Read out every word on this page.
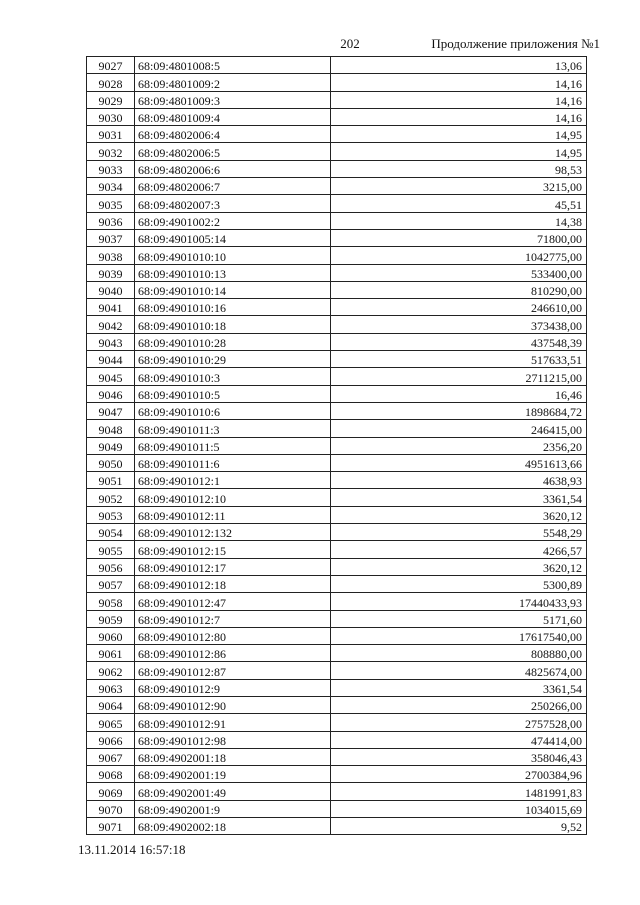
202	Продолжение приложения №1
9027	68:09:4801008:5	13,06
9028	68:09:4801009:2	14,16
9029	68:09:4801009:3	14,16
9030	68:09:4801009:4	14,16
9031	68:09:4802006:4	14,95
9032	68:09:4802006:5	14,95
9033	68:09:4802006:6	98,53
9034	68:09:4802006:7	3215,00
9035	68:09:4802007:3	45,51
9036	68:09:4901002:2	14,38
9037	68:09:4901005:14	71800,00
9038	68:09:4901010:10	1042775,00
9039	68:09:4901010:13	533400,00
9040	68:09:4901010:14	810290,00
9041	68:09:4901010:16	246610,00
9042	68:09:4901010:18	373438,00
9043	68:09:4901010:28	437548,39
9044	68:09:4901010:29	517633,51
9045	68:09:4901010:3	2711215,00
9046	68:09:4901010:5	16,46
9047	68:09:4901010:6	1898684,72
9048	68:09:4901011:3	246415,00
9049	68:09:4901011:5	2356,20
9050	68:09:4901011:6	4951613,66
9051	68:09:4901012:1	4638,93
9052	68:09:4901012:10	3361,54
9053	68:09:4901012:11	3620,12
9054	68:09:4901012:132	5548,29
9055	68:09:4901012:15	4266,57
9056	68:09:4901012:17	3620,12
9057	68:09:4901012:18	5300,89
9058	68:09:4901012:47	17440433,93
9059	68:09:4901012:7	5171,60
9060	68:09:4901012:80	17617540,00
9061	68:09:4901012:86	808880,00
9062	68:09:4901012:87	4825674,00
9063	68:09:4901012:9	3361,54
9064	68:09:4901012:90	250266,00
9065	68:09:4901012:91	2757528,00
9066	68:09:4901012:98	474414,00
9067	68:09:4902001:18	358046,43
9068	68:09:4902001:19	2700384,96
9069	68:09:4902001:49	1481991,83
9070	68:09:4902001:9	1034015,69
9071	68:09:4902002:18	9,52
13.11.2014 16:57:18
